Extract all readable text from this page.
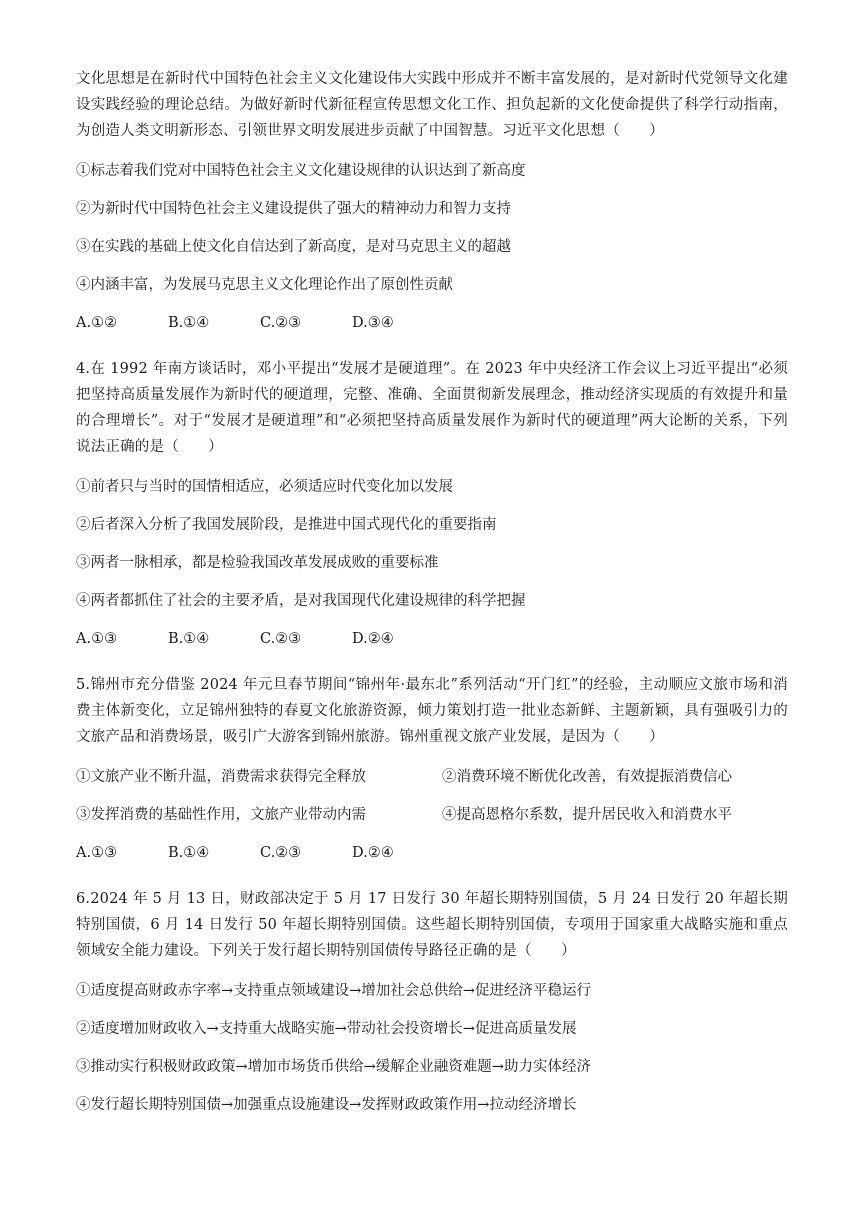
文化思想是在新时代中国特色社会主义文化建设伟大实践中形成并不断丰富发展的，是对新时代党领导文化建设实践经验的理论总结。为做好新时代新征程宣传思想文化工作、担负起新的文化使命提供了科学行动指南，为创造人类文明新形态、引领世界文明发展进步贡献了中国智慧。习近平文化思想（　　）

①标志着我们党对中国特色社会主义文化建设规律的认识达到了新高度

②为新时代中国特色社会主义建设提供了强大的精神动力和智力支持

③在实践的基础上使文化自信达到了新高度，是对马克思主义的超越

④内涵丰富，为发展马克思主义文化理论作出了原创性贡献

A.①②	B.①④	C.②③	D.③④

4.在 1992 年南方谈话时，邓小平提出“发展才是硬道理”。在 2023 年中央经济工作会议上习近平提出“必须把坚持高质量发展作为新时代的硬道理，完整、准确、全面贯彻新发展理念，推动经济实现质的有效提升和量的合理增长”。对于“发展才是硬道理”和“必须把坚持高质量发展作为新时代的硬道理”两大论断的关系，下列说法正确的是（　　）

①前者只与当时的国情相适应，必须适应时代变化加以发展

②后者深入分析了我国发展阶段，是推进中国式现代化的重要指南

③两者一脉相承，都是检验我国改革发展成败的重要标准

④两者都抓住了社会的主要矛盾，是对我国现代化建设规律的科学把握

A.①③	B.①④	C.②③	D.②④

5.锦州市充分借鉴 2024 年元旦春节期间“锦州年·最东北”系列活动“开门红”的经验，主动顺应文旅市场和消费主体新变化，立足锦州独特的春夏文化旅游资源，倾力策划打造一批业态新鲜、主题新颖，具有强吸引力的文旅产品和消费场景，吸引广大游客到锦州旅游。锦州重视文旅产业发展，是因为（　　）

①文旅产业不断升温，消费需求获得完全释放	②消费环境不断优化改善，有效提振消费信心
③发挥消费的基础性作用，文旅产业带动内需	④提高恩格尔系数，提升居民收入和消费水平
A.①③	B.①④	C.②③	D.②④

6.2024 年 5 月 13 日，财政部决定于 5 月 17 日发行 30 年超长期特别国债，5 月 24 日发行 20 年超长期特别国债，6 月 14 日发行 50 年超长期特别国债。这些超长期特别国债，专项用于国家重大战略实施和重点领域安全能力建设。下列关于发行超长期特别国债传导路径正确的是（　　）

①适度提高财政赤字率→支持重点领域建设→增加社会总供给→促进经济平稳运行

②适度增加财政收入→支持重大战略实施→带动社会投资增长→促进高质量发展

③推动实行积极财政政策→增加市场货币供给→缓解企业融资难题→助力实体经济

④发行超长期特别国债→加强重点设施建设→发挥财政政策作用→拉动经济增长
